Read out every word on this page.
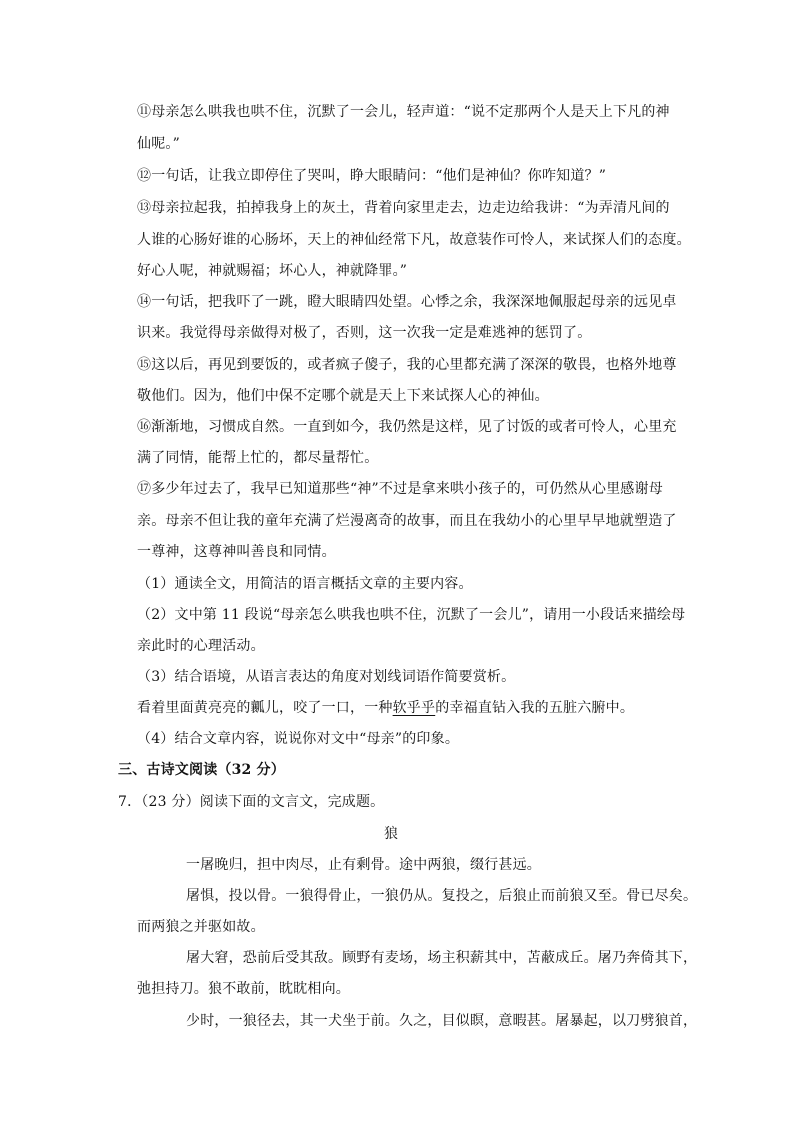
⑪母亲怎么哄我也哄不住，沉默了一会儿，轻声道：“说不定那两个人是天上下凡的神
仙呢。”
⑫一句话，让我立即停住了哭叫，睁大眼睛问：“他们是神仙？你咋知道？”
⑬母亲拉起我，拍掉我身上的灰土，背着向家里走去，边走边给我讲：“为弄清凡间的
人谁的心肠好谁的心肠坏，天上的神仙经常下凡，故意装作可怜人，来试探人们的态度。
好心人呢，神就赐福；坏心人，神就降罪。”
⑭一句话，把我吓了一跳，瞪大眼睛四处望。心悸之余，我深深地佩服起母亲的远见卓
识来。我觉得母亲做得对极了，否则，这一次我一定是难逃神的惩罚了。
⑮这以后，再见到要饭的，或者疯子傻子，我的心里都充满了深深的敬畏，也格外地尊
敬他们。因为，他们中保不定哪个就是天上下来试探人心的神仙。
⑯渐渐地，习惯成自然。一直到如今，我仍然是这样，见了讨饭的或者可怜人，心里充
满了同情，能帮上忙的，都尽量帮忙。
⑰多少年过去了，我早已知道那些“神”不过是拿来哄小孩子的，可仍然从心里感谢母
亲。母亲不但让我的童年充满了烂漫离奇的故事，而且在我幼小的心里早早地就塑造了
一尊神，这尊神叫善良和同情。
（1）通读全文，用简洁的语言概括文章的主要内容。
（2）文中第 11 段说“母亲怎么哄我也哄不住，沉默了一会儿”，请用一小段话来描绘母
亲此时的心理活动。
（3）结合语境，从语言表达的角度对划线词语作简要赏析。
看着里面黄亮亮的瓤儿，咬了一口，一种软乎乎的幸福直钻入我的五脏六腑中。
（4）结合文章内容，说说你对文中“母亲”的印象。
三、古诗文阅读（32 分）
7．（23 分）阅读下面的文言文，完成题。
狼
一屠晚归，担中肉尽，止有剩骨。途中两狼，缀行甚远。
屠惧，投以骨。一狼得骨止，一狼仍从。复投之，后狼止而前狼又至。骨已尽矣。
而两狼之并驱如故。
屠大窘，恐前后受其敌。顾野有麦场，场主积薪其中，苫蔽成丘。屠乃奔倚其下，
弛担持刀。狼不敢前，眈眈相向。
少时，一狼径去，其一犬坐于前。久之，目似瞑，意暇甚。屠暴起，以刀劈狼首，
